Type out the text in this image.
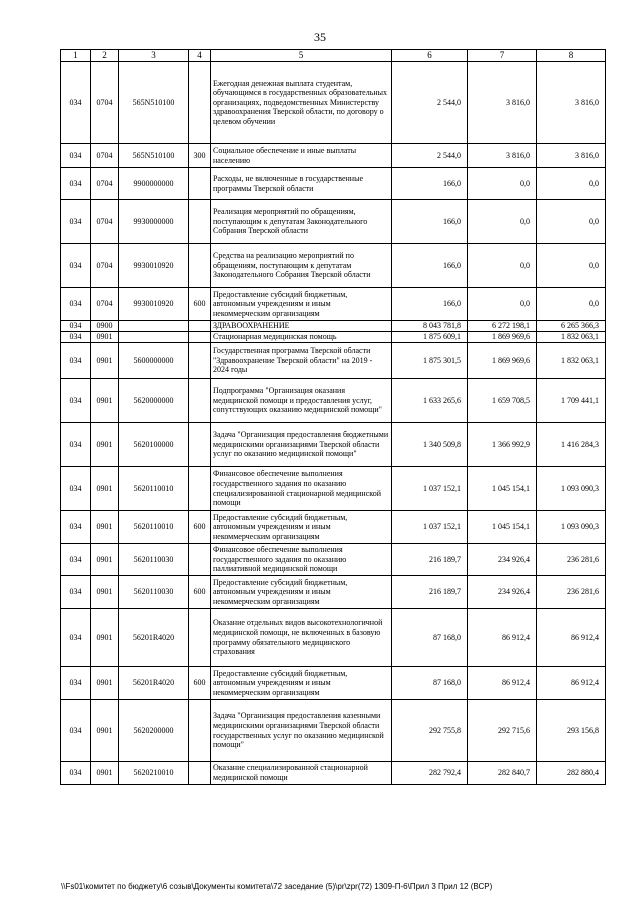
35
1	2	3	4	5	6	7	8
034	0704	565N510100		Ежегодная денежная выплата студентам, обучающимся в государственных образовательных организациях, подведомственных Министерству здравоохранения Тверской области, по договору о целевом обучении	2 544,0	3 816,0	3 816,0
034	0704	565N510100	300	Социальное обеспечение и иные выплаты населению	2 544,0	3 816,0	3 816,0
034	0704	9900000000		Расходы, не включенные в государственные программы Тверской области	166,0	0,0	0,0
034	0704	9930000000		Реализация мероприятий по обращениям, поступающим к депутатам Законодательного Собрания Тверской области	166,0	0,0	0,0
034	0704	9930010920		Средства на реализацию мероприятий по обращениям, поступающим к депутатам Законодательного Собрания Тверской области	166,0	0,0	0,0
034	0704	9930010920	600	Предоставление субсидий бюджетным, автономным учреждениям и иным некоммерческим организациям	166,0	0,0	0,0
034	0900			ЗДРАВООХРАНЕНИЕ	8 043 781,8	6 272 198,1	6 265 366,3
034	0901			Стационарная медицинская помощь	1 875 609,1	1 869 969,6	1 832 063,1
034	0901	5600000000		Государственная программа Тверской области "Здравоохранение Тверской области" на 2019 - 2024 годы	1 875 301,5	1 869 969,6	1 832 063,1
034	0901	5620000000		Подпрограмма "Организация оказания медицинской помощи и предоставления услуг, сопутствующих оказанию медицинской помощи"	1 633 265,6	1 659 708,5	1 709 441,1
034	0901	5620100000		Задача "Организация предоставления бюджетными медицинскими организациями Тверской области услуг по оказанию медицинской помощи"	1 340 509,8	1 366 992,9	1 416 284,3
034	0901	5620110010		Финансовое обеспечение выполнения государственного задания по оказанию специализированной стационарной медицинской помощи	1 037 152,1	1 045 154,1	1 093 090,3
034	0901	5620110010	600	Предоставление субсидий бюджетным, автономным учреждениям и иным некоммерческим организациям	1 037 152,1	1 045 154,1	1 093 090,3
034	0901	5620110030		Финансовое обеспечение выполнения государственного задания по оказанию паллиативной медицинской помощи	216 189,7	234 926,4	236 281,6
034	0901	5620110030	600	Предоставление субсидий бюджетным, автономным учреждениям и иным некоммерческим организациям	216 189,7	234 926,4	236 281,6
034	0901	56201R4020		Оказание отдельных видов высокотехнологичной медицинской помощи, не включенных в базовую программу обязательного медицинского страхования	87 168,0	86 912,4	86 912,4
034	0901	56201R4020	600	Предоставление субсидий бюджетным, автономным учреждениям и иным некоммерческим организациям	87 168,0	86 912,4	86 912,4
034	0901	5620200000		Задача "Организация предоставления казенными медицинскими организациями Тверской области государственных услуг по оказанию медицинской помощи"	292 755,8	292 715,6	293 156,8
034	0901	5620210010		Оказание специализированной стационарной медицинской помощи	282 792,4	282 840,7	282 880,4
\\Fs01\комитет по бюджету\6 созыв\Документы комитета\72 заседание (5)\pr\zpr(72) 1309-П-6\Прил 3 Прил 12 (ВСР)
